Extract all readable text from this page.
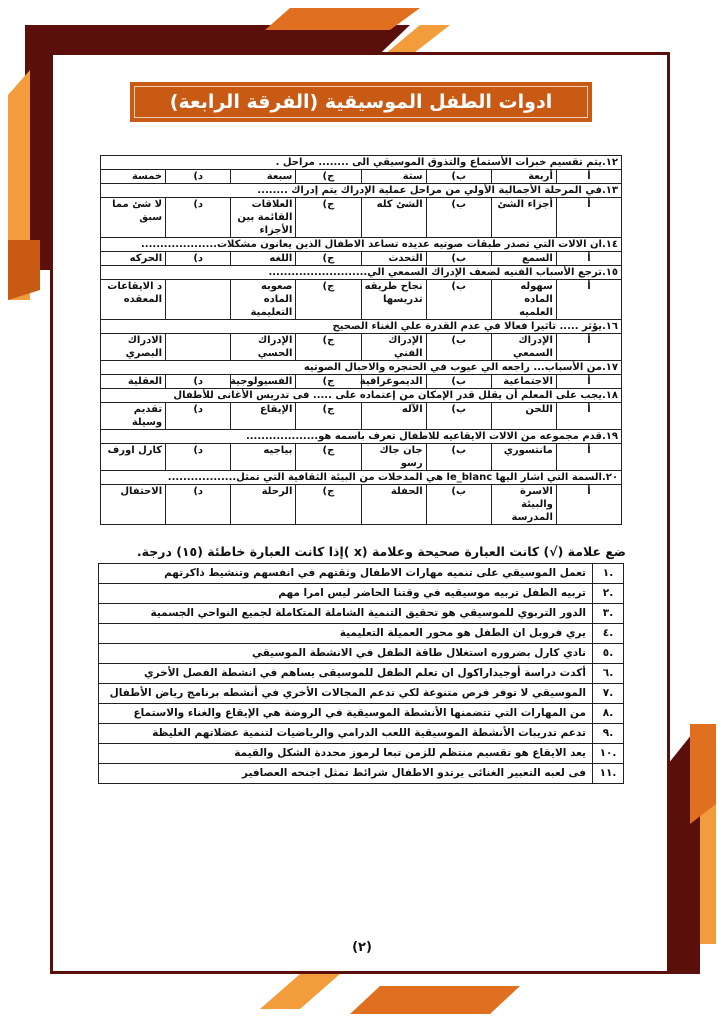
ادوات الطفل الموسيقية (الفرقة الرابعة)
١٢.يتم تقسيم خبرات الأستماع والتذوق الموسيقي الى ........ مراحل .							
أ	أربعة	ب)	ستة	ج)	سبعة	د)	خمسة
١٣.في المرحلة الأجمالية الأولي من مراحل عملية الإدراك يتم إدراك ........							
أ	أجزاء الشئ	ب)	الشئ كله	ج)	العلاقات القائمة بين الأجزاء	د)	لا شئ مما سبق
١٤.ان الالات التي تصدر طبقات صوتيه عديده تساعد الاطفال الذين يعانون مشكلات....................							
أ	السمع	ب)	التحدث	ج)	اللغه	د)	الحركه
١٥.ترجع الأسباب الفنيه لضعف الإدراك السمعي الي..........................							
أ	سهوله الماده العلميه	ب)	نجاح طريقه تدريسها	ج)	صعوبه الماده التعليمية		د الايقاعات المعقده
١٦.يؤثر ..... تاثيرا فعالا في عدم القدرة علي الغناء الصحيح							
أ	الإدراك السمعي	ب)	الإدراك الفني	ج)	الإدراك الحسي		الادراك البصري
١٧.من الأسباب... راجعه الي عيوب في الحنجره والاحبال الصوتيه							
أ	الاجتماعية	ب)	الديموغرافية	ج)	الفسيولوجية	د)	العقلية
١٨.يجب على المعلم أن يقلل قدر الإمكان من إعتماده على ..... فى تدريس الأغانى للأطفال							
أ	اللحن	ب)	الآله	ج)	الإيقاع	د)	تقديم وسيلة
١٩.قدم مجموعه من الالات الايقاعيه للاطفال تعرف باسمه هو...................							
أ	مانتسوري	ب)	جان جاك رسو	ج)	بياجيه	د)	كارل اورف
٢٠.السمة التي اشار اليها le_blanc هي المدخلات من البيئة الثقافية التي تمثل..................							
أ	الاسرة والبيئة المدرسة	ب)	الحفلة	ج)	الرحلة	د)	الاحتفال
ضع علامة (√) كانت العبارة صحيحة وعلامة (x )إذا كانت العبارة خاطئة (١٥) درجة.
.١	تعمل الموسيقي على تنميه مهارات الاطفال وثقتهم في انفسهم وتنشيط ذاكرتهم
.٢	تربيه الطفل تربيه موسيقيه في وقتنا الحاضر ليس امرا مهم
.٣	الدور التربوي للموسيقي هو تحقيق التنمية الشاملة المتكاملة لجميع النواحي الجسمية
.٤	يري فروبل ان الطفل هو محور العميلة التعليمية
.٥	نادي كارل بضروره استغلال طاقة الطفل في الانشطة الموسيقي
.٦	أكدت دراسة أوجيداراكول ان تعلم الطفل للموسيقى يساهم في انشطة الفصل الأخري
.٧	الموسيقي لا توفر فرص متنوعة لكي تدعم المجالات الأخري في أنشطه برنامج رياض الأطفال
.٨	من المهارات التي تتضمنها الأنشطة الموسيقية في الروضة هي الإيقاع والغناء والاستماع
.٩	تدعم تدريبات الأنشطة الموسيقية اللعب الدرامي والرياضيات لتنمية عضلاتهم الغليظة
.١٠	يعد الايقاع هو تقسيم منتظم للزمن تبعا لرموز محددة الشكل والقيمة
.١١	فى لعبه التعبير الغنائى يرتدو الاطفال شرائط تمثل اجنحه العصافير
(٢)
